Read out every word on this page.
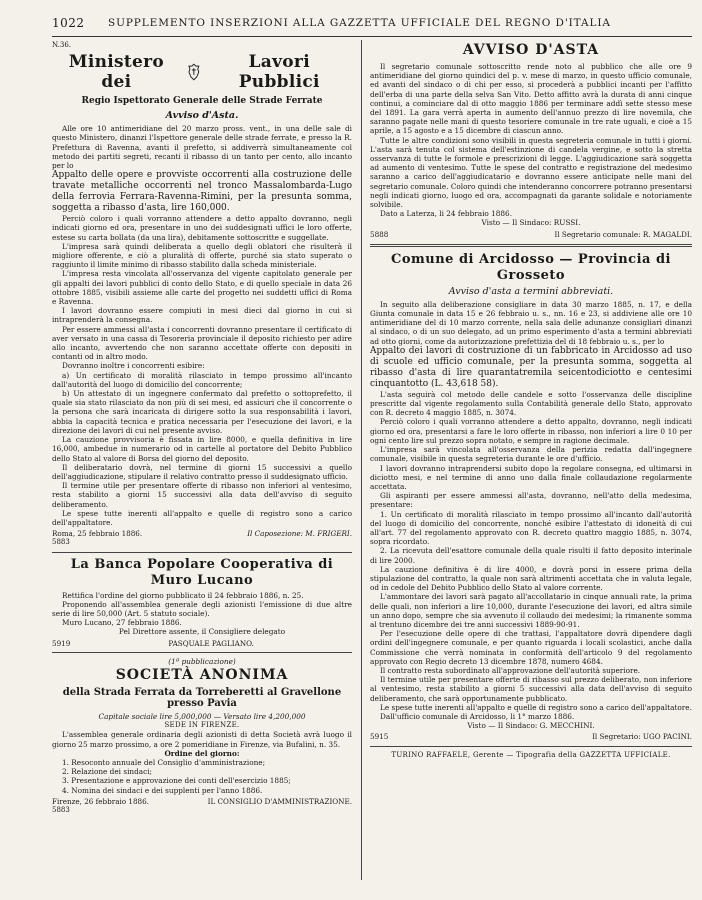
1022 SUPPLEMENTO INSERZIONI ALLA GAZZETTA UFFICIALE DEL REGNO D'ITALIA
N.36.
Ministero dei
Lavori Pubblici
Regio Ispettorato Generale delle Strade Ferrate
Avviso d'Asta.

Alle ore 10 antimeridiane del 20 marzo pross. vent., in una delle sale di questo Ministero, dinanzi l'Ispettore generale delle strade ferrate, e presso la R. Prefettura di Ravenna, avanti il prefetto, si addiverrà simultaneamente col metodo dei partiti segreti, recanti il ribasso di un tanto per cento, allo incanto per lo

Appalto delle opere e provviste occorrenti alla costruzione delle travate metalliche occorrenti nel tronco Massalombarda-Lugo della ferrovia Ferrara-Ravenna-Rimini, per la presunta somma, soggetta a ribasso d'asta, lire 160,000.

Perciò coloro i quali vorranno attendere a detto appalto dovranno, negli indicati giorno ed ora, presentare in uno dei suddesignati uffici le loro offerte, estese su carta bollata (da una lira), debitamente sottoscritte e suggellate.

L'impresa sarà quindi deliberata a quello degli oblatori che risulterà il migliore offerente, e ciò a pluralità di offerte, purché sia stato superato o raggiunto il limite minimo di ribasso stabilito dalla scheda ministeriale.

L'impresa resta vincolata all'osservanza del vigente capitolato generale per gli appalti dei lavori pubblici di conto dello Stato, e di quello speciale in data 26 ottobre 1885, visibili assieme alle carte del progetto nei suddetti uffici di Roma e Ravenna.

I lavori dovranno essere compiuti in mesi dieci dal giorno in cui si intraprenderà la consegna.

Per essere ammessi all'asta i concorrenti dovranno presentare il certificato di aver versato in una cassa di Tesoreria provinciale il deposito richiesto per adire allo incanto, avvertendo che non saranno accettate offerte con depositi in contanti od in altro modo.

Dovranno inoltre i concorrenti esibire:

a) Un certificato di moralità rilasciato in tempo prossimo all'incanto dall'autorità del luogo di domicilio del concorrente;

b) Un attestato di un ingegnere confermato dal prefetto o sottoprefetto, il quale sia stato rilasciato da non più di sei mesi, ed assicuri che il concorrente o la persona che sarà incaricata di dirigere sotto la sua responsabilità i lavori, abbia la capacità tecnica e pratica necessaria per l'esecuzione dei lavori, e la direzione dei lavori di cui nel presente avviso.

La cauzione provvisoria è fissata in lire 8000, e quella definitiva in lire 16,000, ambedue in numerario od in cartelle al portatore del Debito Pubblico dello Stato al valore di Borsa del giorno del deposito.

Il deliberatario dovrà, nel termine di giorni 15 successivi a quello dell'aggiudicazione, stipulare il relativo contratto presso il suddesignato ufficio.

Il termine utile per presentare offerte di ribasso non inferiori al ventesimo, resta stabilito a giorni 15 successivi alla data dell'avviso di seguito deliberamento.

Le spese tutte inerenti all'appalto e quelle di registro sono a carico dell'appaltatore.

Roma, 25 febbraio 1886.	Il Caposezione: M. FRIGERI.
5883
La Banca Popolare Cooperativa di Muro Lucano

Rettifica l'ordine del giorno pubblicato il 24 febbraio 1886, n. 25.

Proponendo all'assemblea generale degli azionisti l'emissione di due altre serie di lire 50,000 (Art. 5 statuto sociale).

Muro Lucano, 27 febbraio 1886.

Pel Direttore assente, il Consigliere delegato
5919	PASQUALE PAGLIANO.
(1ª pubblicazione)
SOCIETÀ ANONIMA
della Strada Ferrata da Torreberetti al Gravellone presso Pavia
Capitale sociale lire 5,000,000 — Versato lire 4,200,000
SEDE IN FIRENZE.

L'assemblea generale ordinaria degli azionisti di detta Società avrà luogo il giorno 25 marzo prossimo, a ore 2 pomeridiane in Firenze, via Bufalini, n. 35.

Ordine del giorno:

1. Resoconto annuale del Consiglio d'amministrazione;

2. Relazione dei sindaci;

3. Presentazione e approvazione dei conti dell'esercizio 1885;

4. Nomina dei sindaci e dei supplenti per l'anno 1886.

Firenze, 26 febbraio 1886.	IL CONSIGLIO D'AMMINISTRAZIONE.
5883
AVVISO D'ASTA

Il segretario comunale sottoscritto rende noto al pubblico che alle ore 9 antimeridiane del giorno quindici del p. v. mese di marzo, in questo ufficio comunale, ed avanti del sindaco o di chi per esso, si procederà a pubblici incanti per l'affitto dell'erba di una parte della selva San Vito. Detto affitto avrà la durata di anni cinque continui, a cominciare dal di otto maggio 1886 per terminare addì sette stesso mese del 1891. La gara verrà aperta in aumento dell'annuo prezzo di lire novemila, che saranno pagate nelle mani di questo tesoriere comunale in tre rate uguali, e cioè a 15 aprile, a 15 agosto e a 15 dicembre di ciascun anno.

Tutte le altre condizioni sono visibili in questa segreteria comunale in tutti i giorni. L'asta sarà tenuta col sistema dell'estinzione di candela vergine, e sotto la stretta osservanza di tutte le formole e prescrizioni di legge. L'aggiudicazione sarà soggetta ad aumento di ventesimo. Tutte le spese del contratto e registrazione del medesimo saranno a carico dell'aggiudicatario e dovranno essere anticipate nelle mani del segretario comunale. Coloro quindi che intenderanno concorrere potranno presentarsi negli indicati giorno, luogo ed ora, accompagnati da garante solidale e notoriamente solvibile.

Dato a Laterza, li 24 febbraio 1886.

Visto — Il Sindaco: RUSSI.
5888	Il Segretario comunale: R. MAGALDI.
Comune di Arcidosso — Provincia di Grosseto
Avviso d'asta a termini abbreviati.

In seguito alla deliberazione consigliare in data 30 marzo 1885, n. 17, e della Giunta comunale in data 15 e 26 febbraio u. s., nn. 16 e 23, si addiviene alle ore 10 antimeridiane del di 10 marzo corrente, nella sala delle adunanze consigliari dinanzi al sindaco, o di un suo delegato, ad un primo esperimento d'asta a termini abbreviati ad otto giorni, come da autorizzazione prefettizia del di 18 febbraio u. s., per lo

Appalto dei lavori di costruzione di un fabbricato in Arcidosso ad uso di scuole ed ufficio comunale, per la presunta somma, soggetta al ribasso d'asta di lire quarantatremila seicentodiciotto e centesimi cinquantotto (L. 43,618 58).

L'asta seguirà col metodo delle candele e sotto l'osservanza delle discipline prescritte dal vigente regolamento sulla Contabilità generale dello Stato, approvato con R. decreto 4 maggio 1885, n. 3074.

Perciò coloro i quali vorranno attendere a detto appalto, dovranno, negli indicati giorno ed ora, presentarsi a fare le loro offerte in ribasso, non inferiori a lire 0 10 per ogni cento lire sul prezzo sopra notato, e sempre in ragione decimale.

L'impresa sarà vincolata all'osservanza della perizia redatta dall'ingegnere comunale, visibile in questa segreteria durante le ore d'ufficio.

I lavori dovranno intraprendersi subito dopo la regolare consegna, ed ultimarsi in diciotto mesi, e nel termine di anno uno dalla finale collaudazione regolarmente accettata.

Gli aspiranti per essere ammessi all'asta, dovranno, nell'atto della medesima, presentare:

1. Un certificato di moralità rilasciato in tempo prossimo all'incanto dall'autorità del luogo di domicilio del concorrente, nonché esibire l'attestato di idoneità di cui all'art. 77 del regolamento approvato con R. decreto quattro maggio 1885, n. 3074, sopra ricordato.

2. La ricevuta dell'esattore comunale della quale risulti il fatto deposito interinale di lire 2000.

La cauzione definitiva è di lire 4000, e dovrà porsi in essere prima della stipulazione del contratto, la quale non sarà altrimenti accettata che in valuta legale, od in cedole del Debito Pubblico dello Stato al valore corrente.

L'ammontare dei lavori sarà pagato all'accollatario in cinque annuali rate, la prima delle quali, non inferiori a lire 10,000, durante l'esecuzione dei lavori, ed altra simile un anno dopo, sempre che sia avvenuto il collaudo dei medesimi; la rimanente somma al trentuno dicembre dei tre anni successivi 1889-90-91.

Per l'esecuzione delle opere di che trattasi, l'appaltatore dovrà dipendere dagli ordini dell'ingegnere comunale, e per quanto riguarda i locali scolastici, anche dalla Commissione che verrà nominata in conformità dell'articolo 9 del regolamento approvato con Regio decreto 13 dicembre 1878, numero 4684.

Il contratto resta subordinato all'approvazione dell'autorità superiore.

Il termine utile per presentare offerte di ribasso sul prezzo deliberato, non inferiore al ventesimo, resta stabilito a giorni 5 successivi alla data dell'avviso di seguito deliberamento, che sarà opportunamente pubblicato.

Le spese tutte inerenti all'appalto e quelle di registro sono a carico dell'appaltatore.

Dall'ufficio comunale di Arcidosso, li 1° marzo 1886.

Visto — Il Sindaco: G. MECCHINI.
5915	Il Segretario: UGO PACINI.
TURINO RAFFAELE, Gerente — Tipografia della GAZZETTA UFFICIALE.
